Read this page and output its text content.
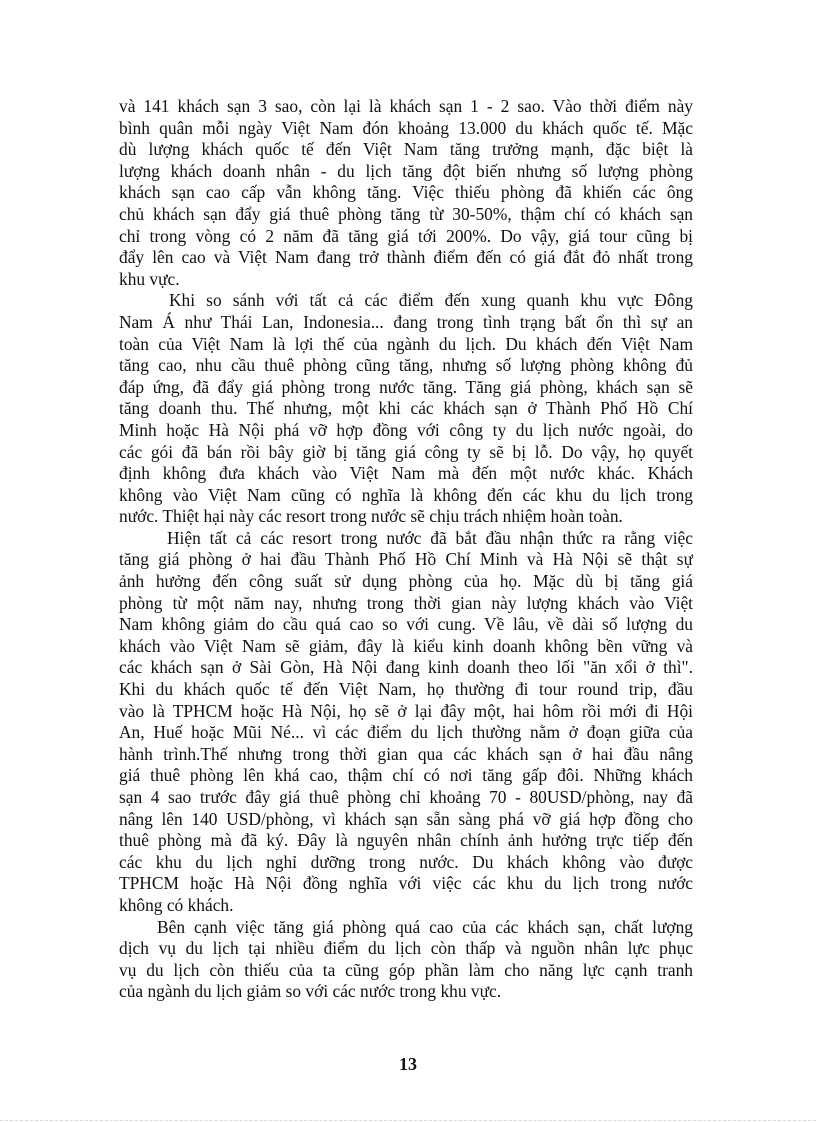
và 141 khách sạn 3 sao, còn lại là khách sạn 1 - 2 sao. Vào thời điểm này
bình quân mỗi ngày Việt Nam đón khoảng 13.000 du khách quốc tế. Mặc
dù lượng khách quốc tế đến Việt Nam tăng trưởng mạnh, đặc biệt là
lượng khách doanh nhân - du lịch tăng đột biến nhưng số lượng phòng
khách sạn cao cấp vẫn không tăng. Việc thiếu phòng đã khiến các ông
chủ khách sạn đẩy giá thuê phòng tăng từ 30-50%, thậm chí có khách sạn
chỉ trong vòng có 2 năm đã tăng giá tới 200%. Do vậy, giá tour cũng bị
đẩy lên cao và Việt Nam đang trở thành điểm đến có giá đắt đỏ nhất trong
khu vực.
Khi so sánh với tất cả các điểm đến xung quanh khu vực Đông
Nam Á như Thái Lan, Indonesia... đang trong tình trạng bất ổn thì sự an
toàn của Việt Nam là lợi thế của ngành du lịch. Du khách đến Việt Nam
tăng cao, nhu cầu thuê phòng cũng tăng, nhưng số lượng phòng không đủ
đáp ứng, đã đẩy giá phòng trong nước tăng. Tăng giá phòng, khách sạn sẽ
tăng doanh thu. Thế nhưng, một khi các khách sạn ở Thành Phố Hồ Chí
Minh hoặc Hà Nội phá vỡ hợp đồng với công ty du lịch nước ngoài, do
các gói đã bán rồi bây giờ bị tăng giá công ty sẽ bị lỗ. Do vậy, họ quyết
định không đưa khách vào Việt Nam mà đến một nước khác. Khách
không vào Việt Nam cũng có nghĩa là không đến các khu du lịch trong
nước. Thiệt hại này các resort trong nước sẽ chịu trách nhiệm hoàn toàn.
Hiện tất cả các resort trong nước đã bắt đầu nhận thức ra rằng việc
tăng giá phòng ở hai đầu Thành Phố Hồ Chí Minh và Hà Nội sẽ thật sự
ảnh hưởng đến công suất sử dụng phòng của họ. Mặc dù bị tăng giá
phòng từ một năm nay, nhưng trong thời gian này lượng khách vào Việt
Nam không giảm do cầu quá cao so với cung. Về lâu, về dài số lượng du
khách vào Việt Nam sẽ giảm, đây là kiểu kinh doanh không bền vững và
các khách sạn ở Sài Gòn, Hà Nội đang kinh doanh theo lối "ăn xổi ở thì".
Khi du khách quốc tế đến Việt Nam, họ thường đi tour round trip, đầu
vào là TPHCM hoặc Hà Nội, họ sẽ ở lại đây một, hai hôm rồi mới đi Hội
An, Huế hoặc Mũi Né... vì các điểm du lịch thường nằm ở đoạn giữa của
hành trình.Thế nhưng trong thời gian qua các khách sạn ở hai đầu nâng
giá thuê phòng lên khá cao, thậm chí có nơi tăng gấp đôi. Những khách
sạn 4 sao trước đây giá thuê phòng chỉ khoảng 70 - 80USD/phòng, nay đã
nâng lên 140 USD/phòng, vì khách sạn sẵn sàng phá vỡ giá hợp đồng cho
thuê phòng mà đã ký. Đây là nguyên nhân chính ảnh hưởng trực tiếp đến
các khu du lịch nghỉ dưỡng trong nước. Du khách không vào được
TPHCM hoặc Hà Nội đồng nghĩa với việc các khu du lịch trong nước
không có khách.
Bên cạnh việc tăng giá phòng quá cao của các khách sạn, chất lượng
dịch vụ du lịch tại nhiều điểm du lịch còn thấp và nguồn nhân lực phục
vụ du lịch còn thiếu của ta cũng góp phần làm cho năng lực cạnh tranh
của ngành du lịch giảm so với các nước trong khu vực.
13
